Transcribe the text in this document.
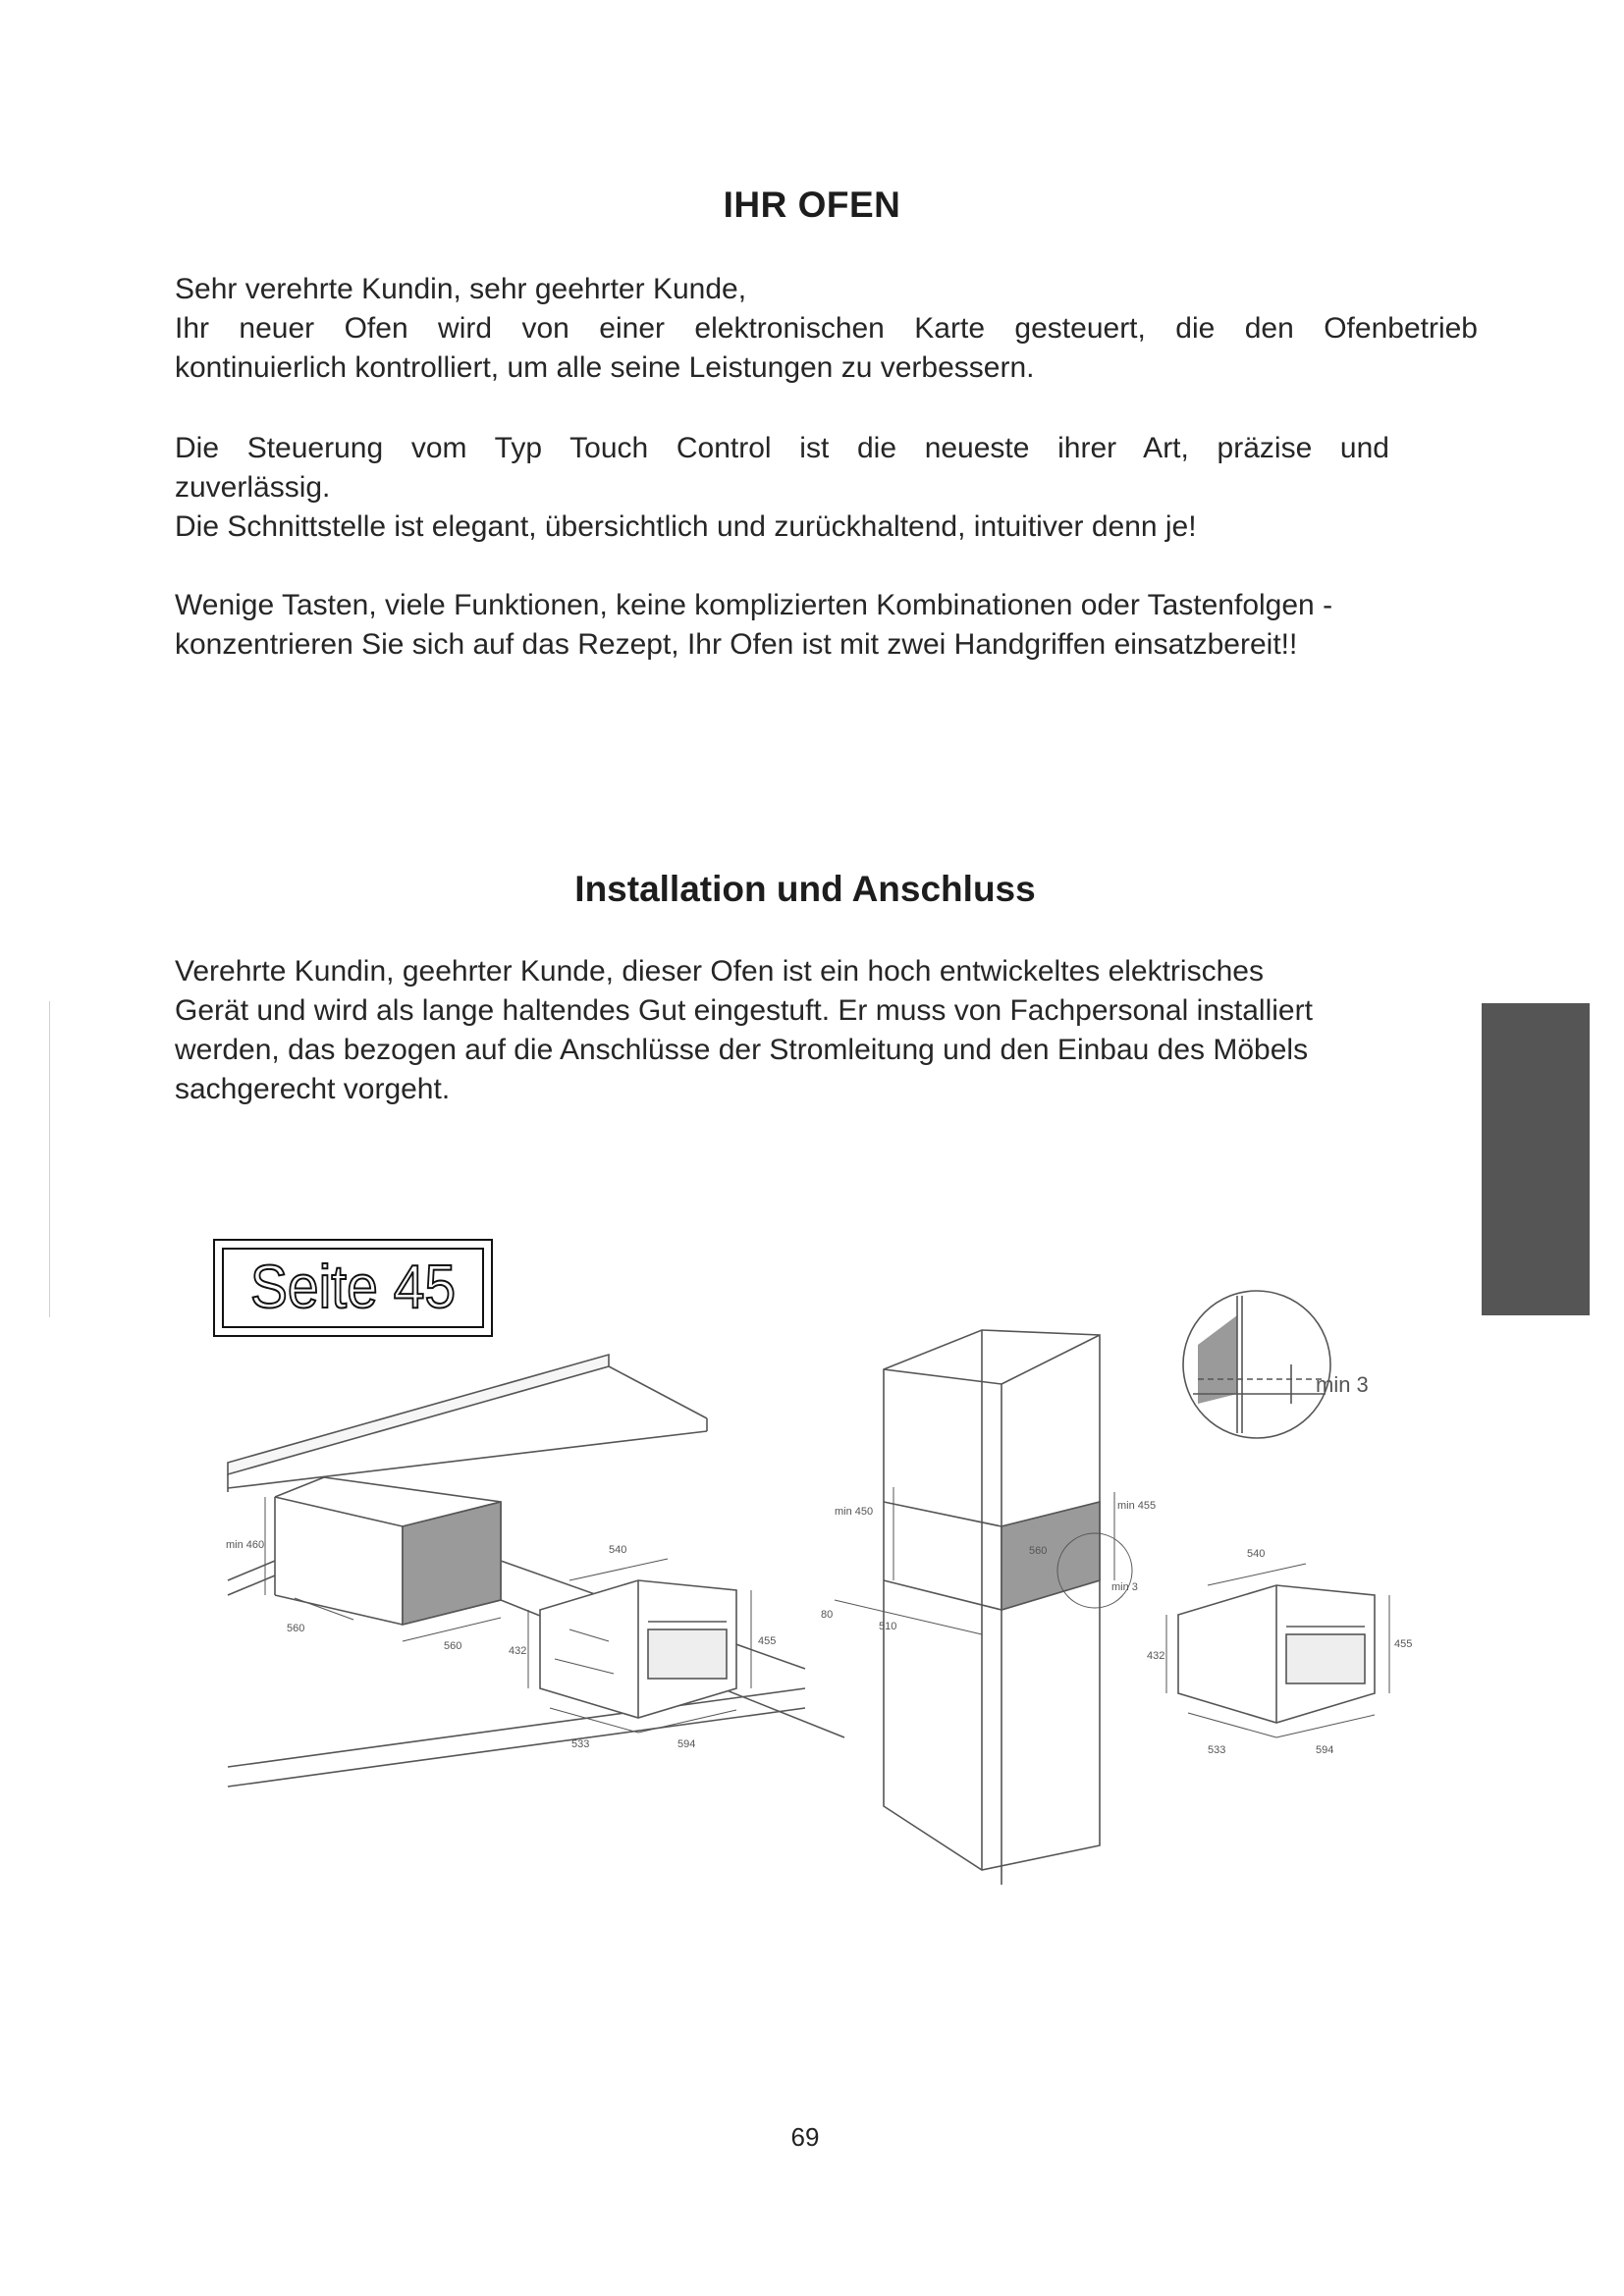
IHR OFEN
Sehr verehrte Kundin, sehr geehrter Kunde,
Ihr neuer Ofen wird von einer elektronischen Karte gesteuert, die den Ofenbetrieb
kontinuierlich kontrolliert, um alle seine Leistungen zu verbessern.
Die Steuerung vom Typ Touch Control ist die neueste ihrer Art, präzise und
zuverlässig.
Die Schnittstelle ist elegant, übersichtlich und zurückhaltend, intuitiver denn je!
Wenige Tasten, viele Funktionen, keine komplizierten Kombinationen oder Tastenfolgen -
konzentrieren Sie sich auf das Rezept, Ihr Ofen ist mit zwei Handgriffen einsatzbereit!!
Installation und Anschluss
Verehrte Kundin, geehrter Kunde, dieser Ofen ist ein hoch entwickeltes elektrisches
Gerät und wird als lange haltendes Gut eingestuft. Er muss von Fachpersonal installiert
werden, das bezogen auf die Anschlüsse der Stromleitung und den Einbau des Möbels
sachgerecht vorgeht.
min 3
min 460
560
560
540
432
455
533	594
min 450	min 455
min 3
560
80
510
540
432
455
533	594
Seite 45
69
